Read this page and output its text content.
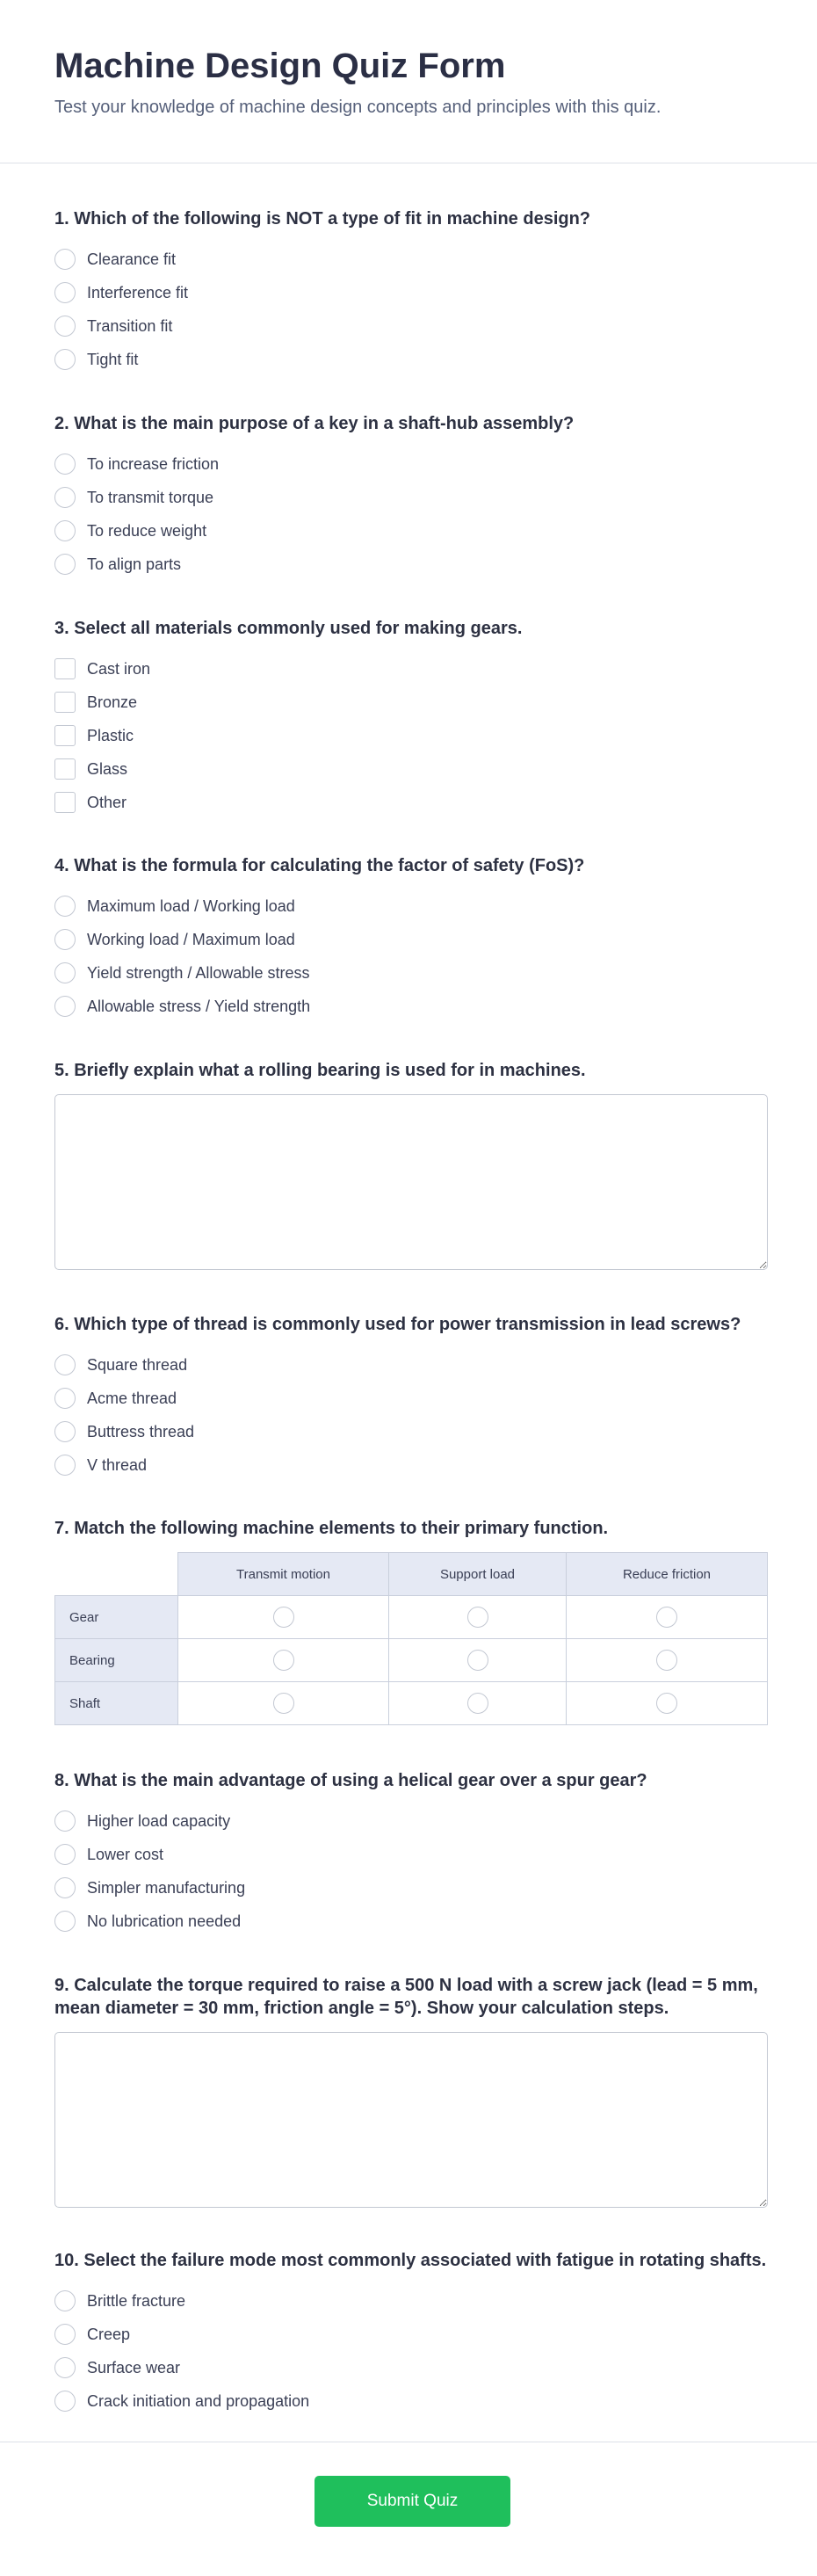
Machine Design Quiz Form

Test your knowledge of machine design concepts and principles with this quiz.

1. Which of the following is NOT a type of fit in machine design?
Clearance fit
Interference fit
Transition fit
Tight fit
2. What is the main purpose of a key in a shaft-hub assembly?
To increase friction
To transmit torque
To reduce weight
To align parts
3. Select all materials commonly used for making gears.
Cast iron
Bronze
Plastic
Glass
Other
4. What is the formula for calculating the factor of safety (FoS)?
Maximum load / Working load
Working load / Maximum load
Yield strength / Allowable stress
Allowable stress / Yield strength
5. Briefly explain what a rolling bearing is used for in machines.
6. Which type of thread is commonly used for power transmission in lead screws?
Square thread
Acme thread
Buttress thread
V thread
7. Match the following machine elements to their primary function.
	Transmit motion	Support load	Reduce friction
Gear			
Bearing			
Shaft			
8. What is the main advantage of using a helical gear over a spur gear?
Higher load capacity
Lower cost
Simpler manufacturing
No lubrication needed
9. Calculate the torque required to raise a 500 N load with a screw jack (lead = 5 mm, mean diameter = 30 mm, friction angle = 5°). Show your calculation steps.
10. Select the failure mode most commonly associated with fatigue in rotating shafts.
Brittle fracture
Creep
Surface wear
Crack initiation and propagation
Submit Quiz
